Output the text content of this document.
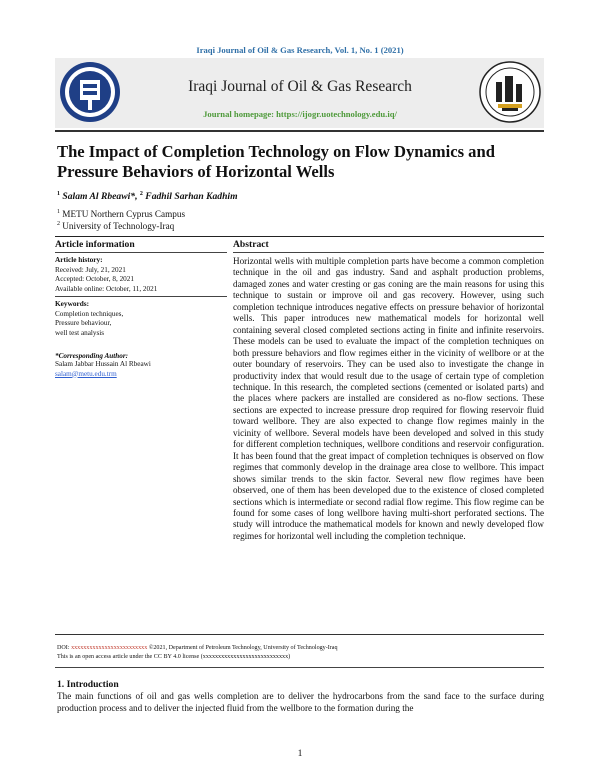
Iraqi Journal of Oil & Gas Research, Vol. 1, No. 1 (2021)
Iraqi Journal of Oil & Gas Research
Journal homepage: https://ijogr.uotechnology.edu.iq/
The Impact of Completion Technology on Flow Dynamics and Pressure Behaviors of Horizontal Wells
$^1$ Salam Al Rbeawi*, $^2$ Fadhil Sarhan Kadhim
$^1$ METU Northern Cyprus Campus
$^2$ University of Technology-Iraq
Article information
Article history:
Received: July, 21, 2021
Accepted: October, 8, 2021
Available online: October, 11, 2021
Keywords:
Completion techniques,
Pressure behaviour,
well test analysis
*Corresponding Author:
Salam Jabbar Hussain Al Rbeawi
salam@metu.edu.trm
Abstract
Horizontal wells with multiple completion parts have become a common completion technique in the oil and gas industry. Sand and asphalt production problems, damaged zones and water cresting or gas coning are the main reasons for using this technique to sustain or improve oil and gas recovery. However, using such completion technique introduces negative effects on pressure behavior of horizontal wells. This paper introduces new mathematical models for horizontal well containing several closed completed sections acting in finite and infinite reservoirs. These models can be used to evaluate the impact of the completion techniques on both pressure behaviors and flow regimes either in the vicinity of wellbore or at the outer boundary of reservoirs. They can be used also to investigate the change in productivity index that would result due to the usage of certain type of completion technique. In this research, the completed sections (cemented or isolated parts) and the places where packers are installed are considered as no-flow sections. These sections are expected to increase pressure drop required for flowing reservoir fluid toward wellbore. They are also expected to change flow regimes mainly in the vicinity of wellbore. Several models have been developed and solved in this study for different completion techniques, wellbore conditions and reservoir configuration. It has been found that the great impact of completion techniques is observed on flow regimes that commonly develop in the drainage area close to wellbore. This impact shows similar trends to the skin factor. Several new flow regimes have been observed, one of them has been developed due to the existence of closed completed sections which is intermediate or second radial flow regime. This flow regime can be found for some cases of long wellbore having multi-short perforated sections. The study will introduce the mathematical models for known and newly developed flow regimes for horizontal well including the completion technique.
DOI: xxxxxxxxxxxxxxxxxxxxxxxxx ©2021, Department of Petroleum Technology, University of Technology-Iraq
This is an open access article under the CC BY 4.0 license (xxxxxxxxxxxxxxxxxxxxxxxxxxxx)
1. Introduction
The main functions of oil and gas wells completion are to deliver the hydrocarbons from the sand face to the surface during production process and to deliver the injected fluid from the wellbore to the formation during the
1
